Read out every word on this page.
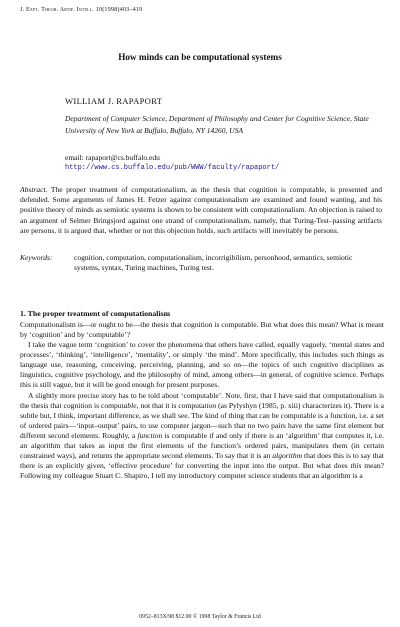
J. Expt. Theor. Artif. Intell. 10(1998)403–419
How minds can be computational systems
WILLIAM J. RAPAPORT
Department of Computer Science, Department of Philosophy and Center for Cognitive Science, State University of New York at Buffalo, Buffalo, NY 14260, USA
email: rapaport@cs.buffalo.edu
http://www.cs.buffalo.edu/pub/WWW/faculty/rapaport/
Abstract. The proper treatment of computationalism, as the thesis that cognition is computable, is presented and defended. Some arguments of James H. Fetzer against computationalism are examined and found wanting, and his positive theory of minds as semiotic systems is shown to be consistent with computationalism. An objection is raised to an argument of Selmer Bringsjord against one strand of computationalism, namely, that Turing-Test–passing artifacts are persons, it is argued that, whether or not this objection holds, such artifacts will inevitably be persons.
Keywords:	cognition, computation, computationalism, incorrigibilism, personhood, semantics, semiotic systems, syntax, Turing machines, Turing test.
1. The proper treatment of computationalism

Computationalism is—or ought to be—the thesis that cognition is computable. But what does this mean? What is meant by ‘cognition’ and by ‘computable’?

I take the vague term ‘cognition’ to cover the phenomena that others have called, equally vaguely, ‘mental states and processes’, ‘thinking’, ‘intelligence’, ‘mentality’, or simply ‘the mind’. More specifically, this includes such things as language use, reasoning, conceiving, perceiving, planning, and so on—the topics of such cognitive disciplines as linguistics, cognitive psychology, and the philosophy of mind, among others—in general, of cognitive science. Perhaps this is still vague, but it will be good enough for present purposes.

A slightly more precise story has to be told about ‘computable’. Note, first, that I have said that computationalism is the thesis that cognition is computable, not that it is computation (as Pylyshyn (1985, p. xiii) characterizes it). There is a subtle but, I think, important difference, as we shall see. The kind of thing that can be computable is a function, i.e. a set of ordered pairs—‘input–output’ pairs, to use computer jargon—such that no two pairs have the same first element but different second elements. Roughly, a function is computable if and only if there is an ‘algorithm’ that computes it, i.e. an algorithm that takes as input the first elements of the function’s ordered pairs, manipulates them (in certain constrained ways), and returns the appropriate second elements. To say that it is an algorithm that does this is to say that there is an explicitly given, ‘effective procedure’ for converting the input into the output. But what does this mean? Following my colleague Stuart C. Shapiro, I tell my introductory computer science students that an algorithm is a

0952–813X/98 $12.00 © 1998 Taylor & Francis Ltd
